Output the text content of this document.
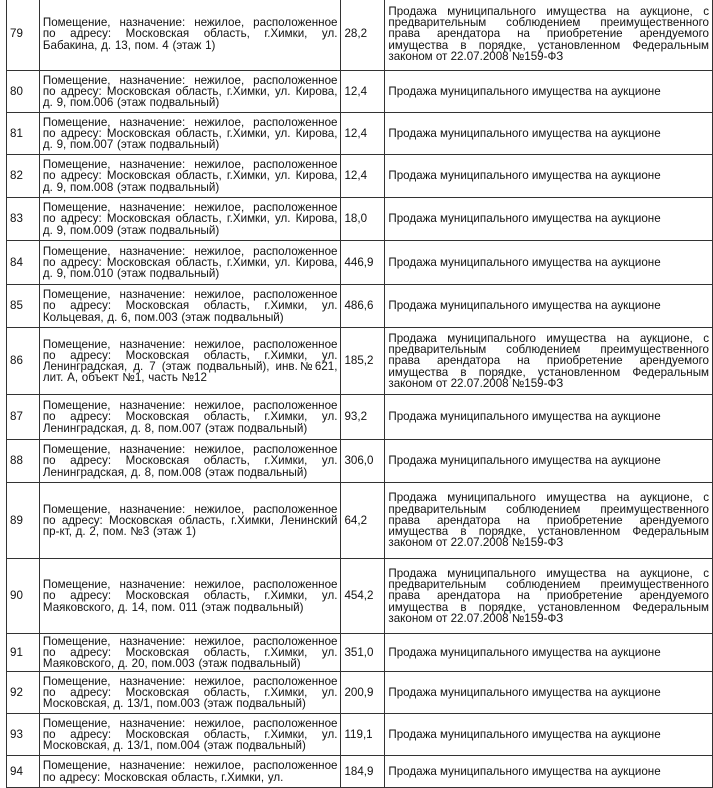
79	Помещение, назначение: нежилое, расположенное по адресу: Московская область, г.Химки, ул. Бабакина, д. 13, пом. 4 (этаж 1)	28,2	Продажа муниципального имущества на аукционе, с предварительным соблюдением преимущественного права арендатора на приобретение арендуемого имущества в порядке, установленном Федеральным законом от 22.07.2008 №159-ФЗ
80	Помещение, назначение: нежилое, расположенное по адресу: Московская область, г.Химки, ул. Кирова, д. 9, пом.006 (этаж подвальный)	12,4	Продажа муниципального имущества на аукционе
81	Помещение, назначение: нежилое, расположенное по адресу: Московская область, г.Химки, ул. Кирова, д. 9, пом.007 (этаж подвальный)	12,4	Продажа муниципального имущества на аукционе
82	Помещение, назначение: нежилое, расположенное по адресу: Московская область, г.Химки, ул. Кирова, д. 9, пом.008 (этаж подвальный)	12,4	Продажа муниципального имущества на аукционе
83	Помещение, назначение: нежилое, расположенное по адресу: Московская область, г.Химки, ул. Кирова, д. 9, пом.009 (этаж подвальный)	18,0	Продажа муниципального имущества на аукционе
84	Помещение, назначение: нежилое, расположенное по адресу: Московская область, г.Химки, ул. Кирова, д. 9, пом.010 (этаж подвальный)	446,9	Продажа муниципального имущества на аукционе
85	Помещение, назначение: нежилое, расположенное по адресу: Московская область, г.Химки, ул. Кольцевая, д. 6, пом.003 (этаж подвальный)	486,6	Продажа муниципального имущества на аукционе
86	Помещение, назначение: нежилое, расположенное по адресу: Московская область, г.Химки, ул. Ленинградская, д. 7 (этаж подвальный), инв.№621, лит. А, объект №1, часть №12	185,2	Продажа муниципального имущества на аукционе, с предварительным соблюдением преимущественного права арендатора на приобретение арендуемого имущества в порядке, установленном Федеральным законом от 22.07.2008 №159-ФЗ
87	Помещение, назначение: нежилое, расположенное по адресу: Московская область, г.Химки, ул. Ленинградская, д. 8, пом.007 (этаж подвальный)	93,2	Продажа муниципального имущества на аукционе
88	Помещение, назначение: нежилое, расположенное по адресу: Московская область, г.Химки, ул. Ленинградская, д. 8, пом.008 (этаж подвальный)	306,0	Продажа муниципального имущества на аукционе
89	Помещение, назначение: нежилое, расположенное по адресу: Московская область, г.Химки, Ленинский пр-кт, д. 2, пом. №3 (этаж 1)	64,2	Продажа муниципального имущества на аукционе, с предварительным соблюдением преимущественного права арендатора на приобретение арендуемого имущества в порядке, установленном Федеральным законом от 22.07.2008 №159-ФЗ
90	Помещение, назначение: нежилое, расположенное по адресу: Московская область, г.Химки, ул. Маяковского, д. 14, пом. 011 (этаж подвальный)	454,2	Продажа муниципального имущества на аукционе, с предварительным соблюдением преимущественного права арендатора на приобретение арендуемого имущества в порядке, установленном Федеральным законом от 22.07.2008 №159-ФЗ
91	Помещение, назначение: нежилое, расположенное по адресу: Московская область, г.Химки, ул. Маяковского, д. 20, пом.003 (этаж подвальный)	351,0	Продажа муниципального имущества на аукционе
92	Помещение, назначение: нежилое, расположенное по адресу: Московская область, г.Химки, ул. Московская, д. 13/1, пом.003 (этаж подвальный)	200,9	Продажа муниципального имущества на аукционе
93	Помещение, назначение: нежилое, расположенное по адресу: Московская область, г.Химки, ул. Московская, д. 13/1, пом.004 (этаж подвальный)	119,1	Продажа муниципального имущества на аукционе
94	Помещение, назначение: нежилое, расположенное по адресу: Московская область, г.Химки, ул.	184,9	Продажа муниципального имущества на аукционе
